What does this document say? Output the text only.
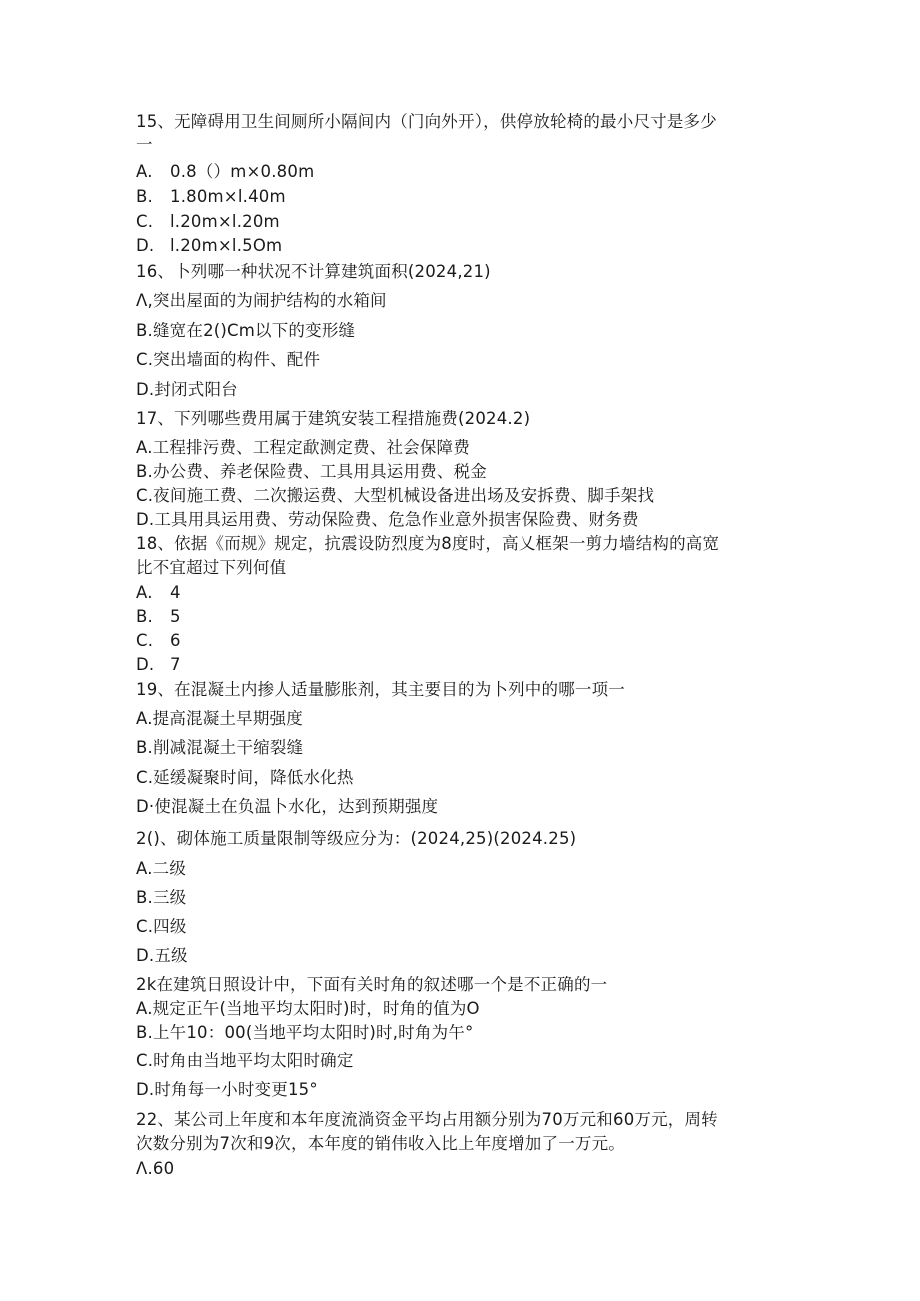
15、无障碍用卫生间厕所小隔间内（门向外开），供停放轮椅的最小尺寸是多少
一
A. 0.8（）m×0.80m
B. 1.80m×l.40m
C. l.20m×l.20m
D. l.20m×l.5Om
16、卜列哪一种状况不计算建筑面积(2024,21)
Λ,突出屋面的为闹护结构的水箱间
B.缝宽在2()Cm以下的变形缝
C.突出墙面的构件、配件
D.封闭式阳台
17、下列哪些费用属于建筑安装工程措施费(2024.2)
A.工程排污费、工程定歃测定费、社会保障费
B.办公费、养老保险费、工具用具运用费、税金
C.夜间施工费、二次搬运费、大型机械设备进出场及安拆费、脚手架找
D.工具用具运用费、劳动保险费、危急作业意外损害保险费、财务费
18、依据《而规》规定，抗震设防烈度为8度时，高乂框架一剪力墙结构的高宽
比不宜超过下列何值
A. 4
B. 5
C. 6
D. 7
19、在混凝土内掺人适量膨胀剂，其主要目的为卜列中的哪一项一
A.提高混凝土早期强度
B.削减混凝土干缩裂缝
C.延缓凝聚时间，降低水化热
D·使混凝土在负温卜水化，达到预期强度
2()、砌体施工质量限制等级应分为：(2024,25)(2024.25)
A.二级
B.三级
C.四级
D.五级
2k在建筑日照设计中，下面有关时角的叙述哪一个是不正确的一
A.规定正午(当地平均太阳时)时，时角的值为O
B.上午10：00(当地平均太阳时)时,时角为午°
C.时角由当地平均太阳时确定
D.时角每一小时变更15°
22、某公司上年度和本年度流淌资金平均占用额分别为70万元和60万元，周转
次数分别为7次和9次，本年度的销伟收入比上年度增加了一万元。
Λ.60
